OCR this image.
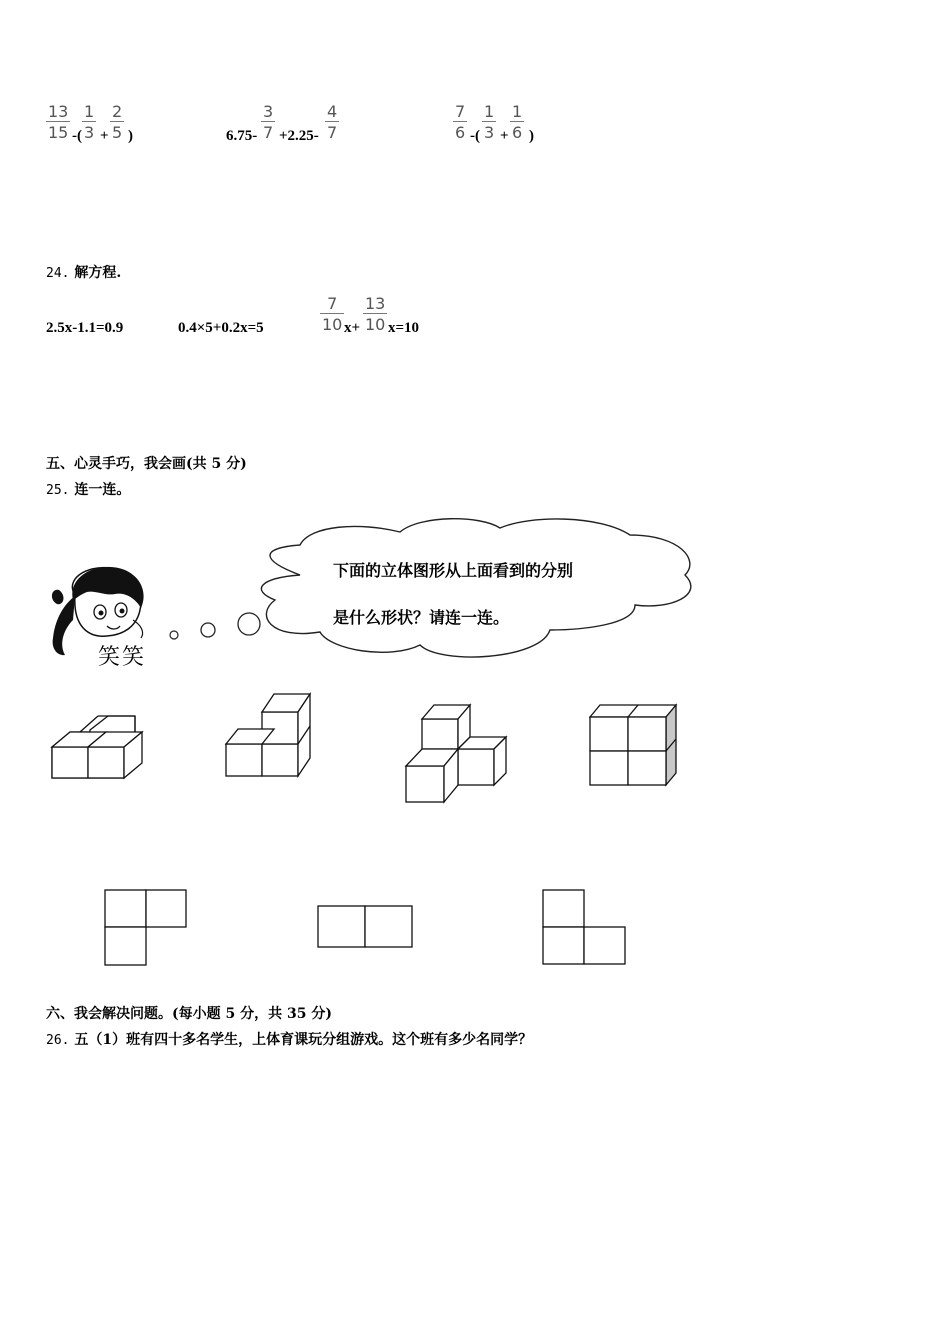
$\frac{13}{15}$ -( $\frac{1}{3} + \frac{2}{5}$ )	$6.75- \frac{3}{7} +2.25- \frac{4}{7}$	$\frac{7}{6}$ -( $\frac{1}{3} + \frac{1}{6}$ )
24. 解方程.
2.5x-1.1=0.9	0.4×5+0.2x=5	$\frac{7}{10} x+ \frac{13}{10} x=10$
五、心灵手巧，我会画(共 5 分)
25. 连一连。
下面的立体图形从上面看到的分别
是什么形状？请连一连。
笑笑
六、我会解决问题。(每小题 5 分，共 35 分)
26. 五（1）班有四十多名学生，上体育课玩分组游戏。这个班有多少名同学？
